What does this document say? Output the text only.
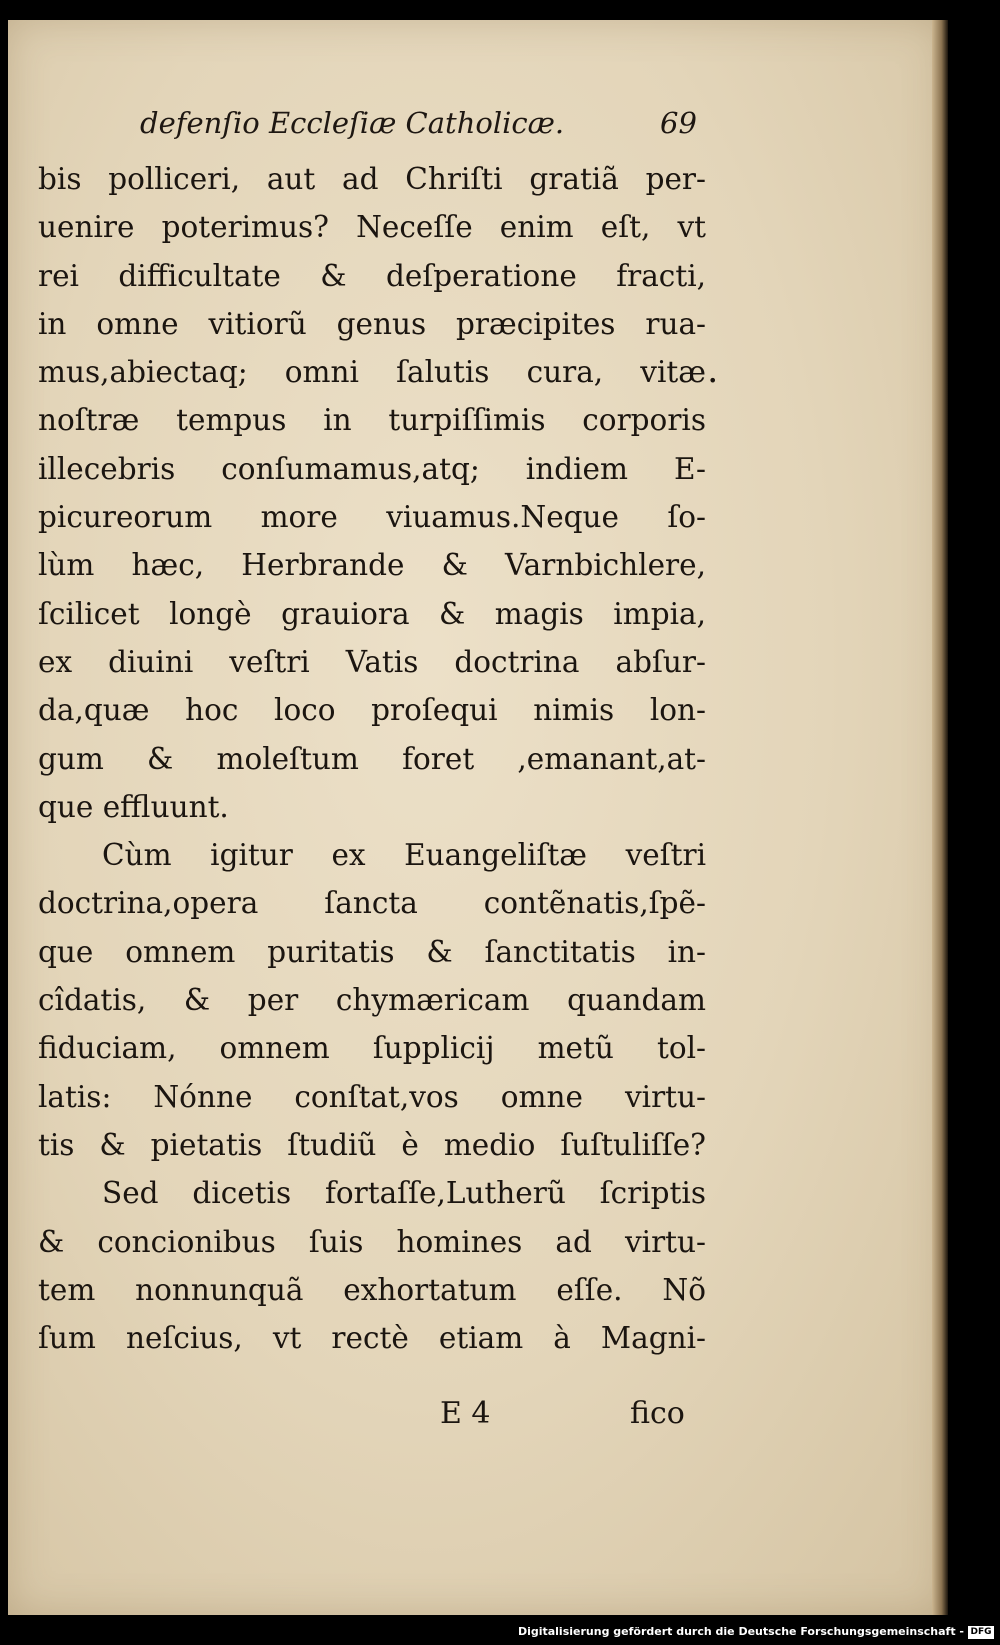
defenſio Eccleſiæ Catholicæ.	69
bis polliceri, aut ad Chriſti gratiã per-
uenire poterimus? Neceſſe enim eſt, vt
rei difficultate & deſperatione fracti,
in omne vitiorũ genus præcipites rua-
mus,abiectaq; omni ſalutis cura, vitæ
noſtræ tempus in turpiſſimis corporis
illecebris conſumamus,atq; indiem E-
picureorum more viuamus.Neque ſo-
lùm hæc, Herbrande & Varnbichlere,
ſcilicet longè grauiora & magis impia,
ex diuini veſtri Vatis doctrina abſur-
da,quæ hoc loco proſequi nimis lon-
gum & moleſtum foret ,emanant,at-
que effluunt.
Cùm igitur ex Euangeliſtæ veſtri
doctrina,opera ſancta contẽnatis,ſpẽ-
que omnem puritatis & ſanctitatis in-
cîdatis, & per chymæricam quandam
fiduciam, omnem ſupplicij metũ tol-
latis: Nónne conſtat,vos omne virtu-
tis & pietatis ſtudiũ è medio ſuſtuliſſe?
Sed dicetis fortaſſe,Lutherũ ſcriptis
& concionibus ſuis homines ad virtu-
tem nonnunquã exhortatum eſſe. Nõ
ſum neſcius, vt rectè etiam à Magni-
•
E 4	fico
Digitalisierung gefördert durch die Deutsche Forschungsgemeinschaft - DFG
